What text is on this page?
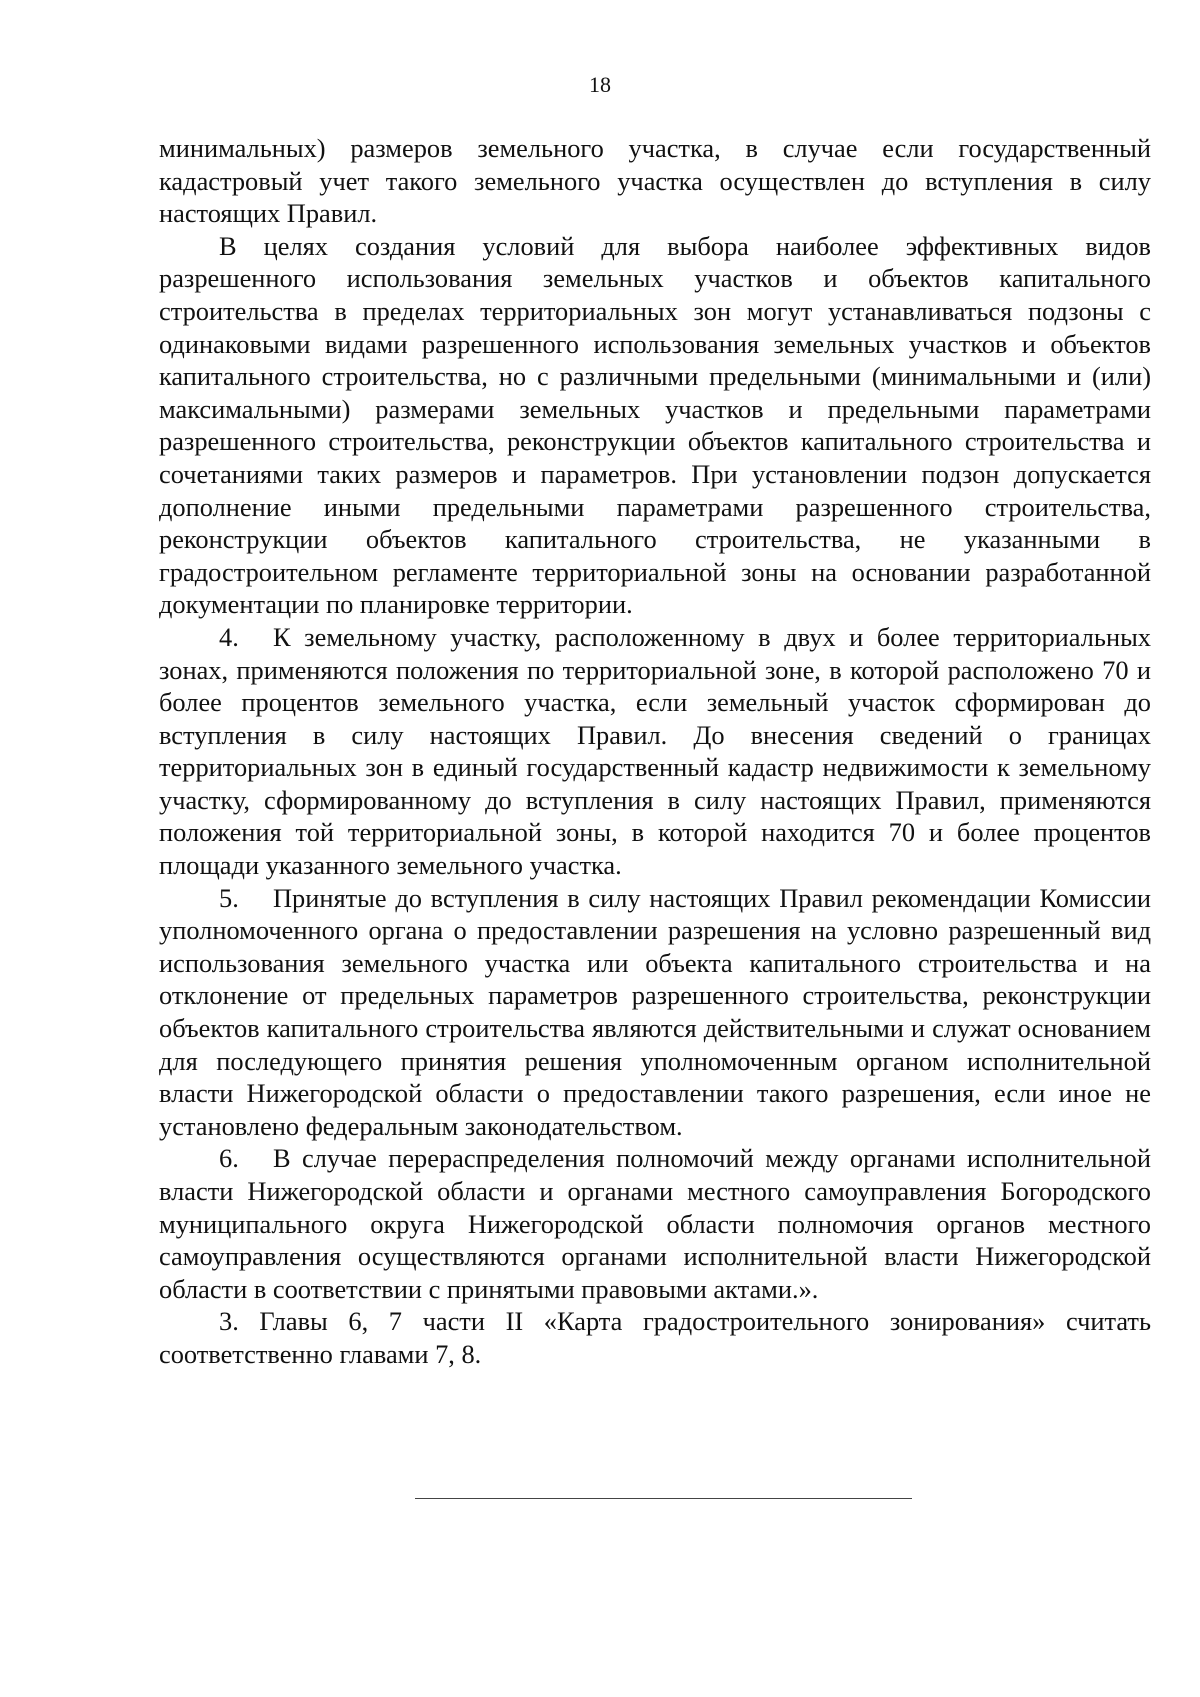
18

минимальных) размеров земельного участка, в случае если государственный кадастровый учет такого земельного участка осуществлен до вступления в силу настоящих Правил.

В целях создания условий для выбора наиболее эффективных видов разрешенного использования земельных участков и объектов капитального строительства в пределах территориальных зон могут устанавливаться подзоны с одинаковыми видами разрешенного использования земельных участков и объектов капитального строительства, но с различными предельными (минимальными и (или) максимальными) размерами земельных участков и предельными параметрами разрешенного строительства, реконструкции объектов капитального строительства и сочетаниями таких размеров и параметров. При установлении подзон допускается дополнение иными предельными параметрами разрешенного строительства, реконструкции объектов капитального строительства, не указанными в градостроительном регламенте территориальной зоны на основании разработанной документации по планировке территории.

4. К земельному участку, расположенному в двух и более территориальных зонах, применяются положения по территориальной зоне, в которой расположено 70 и более процентов земельного участка, если земельный участок сформирован до вступления в силу настоящих Правил. До внесения сведений о границах территориальных зон в единый государственный кадастр недвижимости к земельному участку, сформированному до вступления в силу настоящих Правил, применяются положения той территориальной зоны, в которой находится 70 и более процентов площади указанного земельного участка.

5. Принятые до вступления в силу настоящих Правил рекомендации Комиссии уполномоченного органа о предоставлении разрешения на условно разрешенный вид использования земельного участка или объекта капитального строительства и на отклонение от предельных параметров разрешенного строительства, реконструкции объектов капитального строительства являются действительными и служат основанием для последующего принятия решения уполномоченным органом исполнительной власти Нижегородской области о предоставлении такого разрешения, если иное не установлено федеральным законодательством.

6. В случае перераспределения полномочий между органами исполнительной власти Нижегородской области и органами местного самоуправления Богородского муниципального округа Нижегородской области полномочия органов местного самоуправления осуществляются органами исполнительной власти Нижегородской области в соответствии с принятыми правовыми актами.».

3. Главы 6, 7 части II «Карта градостроительного зонирования» считать соответственно главами 7, 8.
